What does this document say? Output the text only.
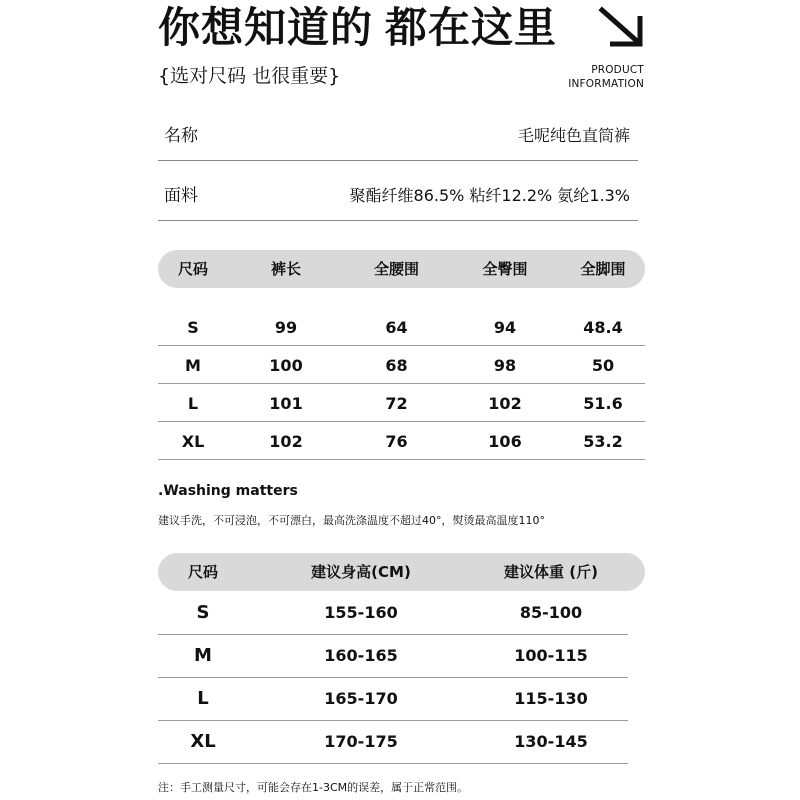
你想知道的 都在这里
{选对尺码 也很重要}	PRODUCT
INFORMATION
名称	毛呢纯色直筒裤
面料	聚酯纤维86.5% 粘纤12.2% 氨纶1.3%
尺码	裤长	全腰围	全臀围	全脚围
S	99	64	94	48.4
M	100	68	98	50
L	101	72	102	51.6
XL	102	76	106	53.2
.Washing matters
建议手洗，不可浸泡，不可漂白，最高洗涤温度不超过40°，熨烫最高温度110°
尺码	建议身高(CM)	建议体重 (斤)
S	155-160	85-100
M	160-165	100-115
L	165-170	115-130
XL	170-175	130-145
注：手工测量尺寸，可能会存在1-3CM的误差，属于正常范围。
